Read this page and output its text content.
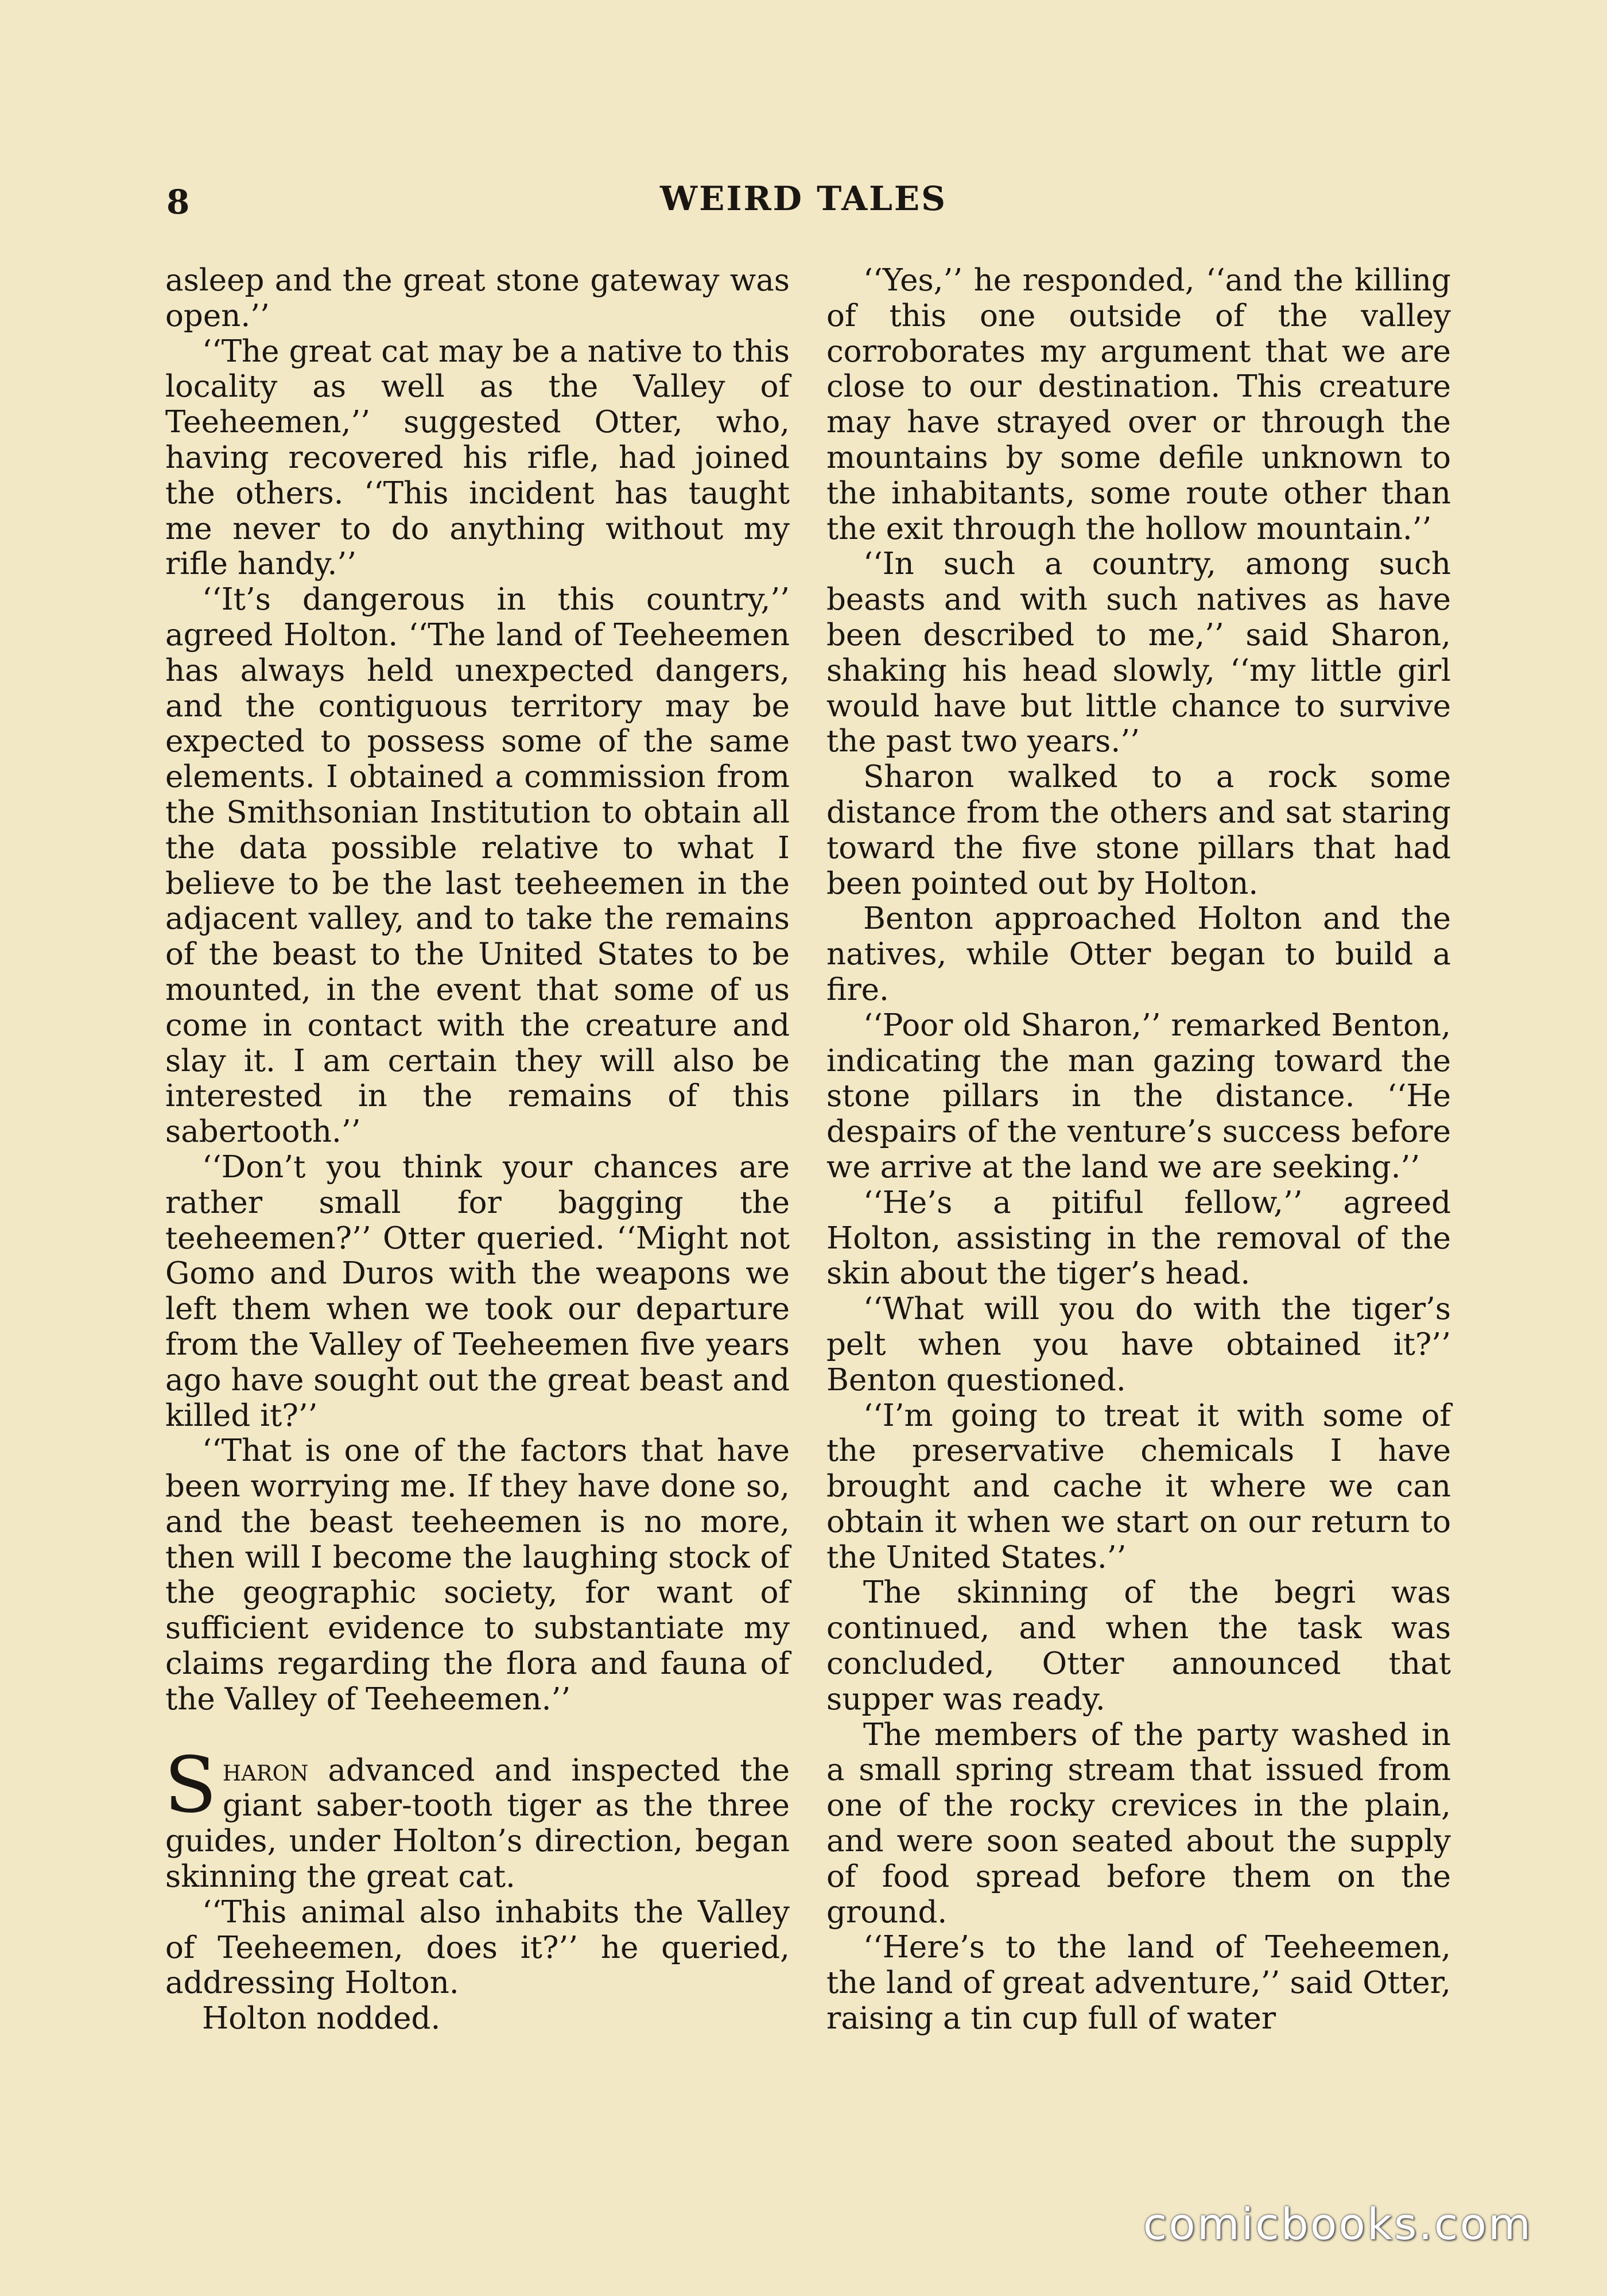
8	WEIRD TALES

asleep and the great stone gateway was open.’’

‘‘The great cat may be a native to this locality as well as the Valley of Teeheemen,’’ suggested Otter, who, having recovered his rifle, had joined the others. ‘‘This incident has taught me never to do anything without my rifle handy.’’

‘‘It’s dangerous in this country,’’ agreed Holton. ‘‘The land of Teeheemen has always held unexpected dangers, and the contiguous territory may be expected to possess some of the same elements. I obtained a commission from the Smithsonian Institution to obtain all the data possible relative to what I believe to be the last teeheemen in the adjacent valley, and to take the remains of the beast to the United States to be mounted, in the event that some of us come in contact with the creature and slay it. I am certain they will also be interested in the remains of this sabertooth.’’

‘‘Don’t you think your chances are rather small for bagging the teeheemen?’’ Otter queried. ‘‘Might not Gomo and Duros with the weapons we left them when we took our departure from the Valley of Teeheemen five years ago have sought out the great beast and killed it?’’

‘‘That is one of the factors that have been worrying me. If they have done so, and the beast teeheemen is no more, then will I become the laughing stock of the geographic society, for want of sufficient evidence to substantiate my claims regarding the flora and fauna of the Valley of Teeheemen.’’

Sharon advanced and inspected the giant saber-tooth tiger as the three guides, under Holton’s direction, began skinning the great cat.

‘‘This animal also inhabits the Valley of Teeheemen, does it?’’ he queried, addressing Holton.

Holton nodded.

‘‘Yes,’’ he responded, ‘‘and the killing of this one outside of the valley corroborates my argument that we are close to our destination. This creature may have strayed over or through the mountains by some defile unknown to the inhabitants, some route other than the exit through the hollow mountain.’’

‘‘In such a country, among such beasts and with such natives as have been described to me,’’ said Sharon, shaking his head slowly, ‘‘my little girl would have but little chance to survive the past two years.’’

Sharon walked to a rock some distance from the others and sat staring toward the five stone pillars that had been pointed out by Holton.

Benton approached Holton and the natives, while Otter began to build a fire.

‘‘Poor old Sharon,’’ remarked Benton, indicating the man gazing toward the stone pillars in the distance. ‘‘He despairs of the venture’s success before we arrive at the land we are seeking.’’

‘‘He’s a pitiful fellow,’’ agreed Holton, assisting in the removal of the skin about the tiger’s head.

‘‘What will you do with the tiger’s pelt when you have obtained it?’’ Benton questioned.

‘‘I’m going to treat it with some of the preservative chemicals I have brought and cache it where we can obtain it when we start on our return to the United States.’’

The skinning of the begri was continued, and when the task was concluded, Otter announced that supper was ready.

The members of the party washed in a small spring stream that issued from one of the rocky crevices in the plain, and were soon seated about the supply of food spread before them on the ground.

‘‘Here’s to the land of Teeheemen, the land of great adventure,’’ said Otter, raising a tin cup full of water

comicbooks.com
